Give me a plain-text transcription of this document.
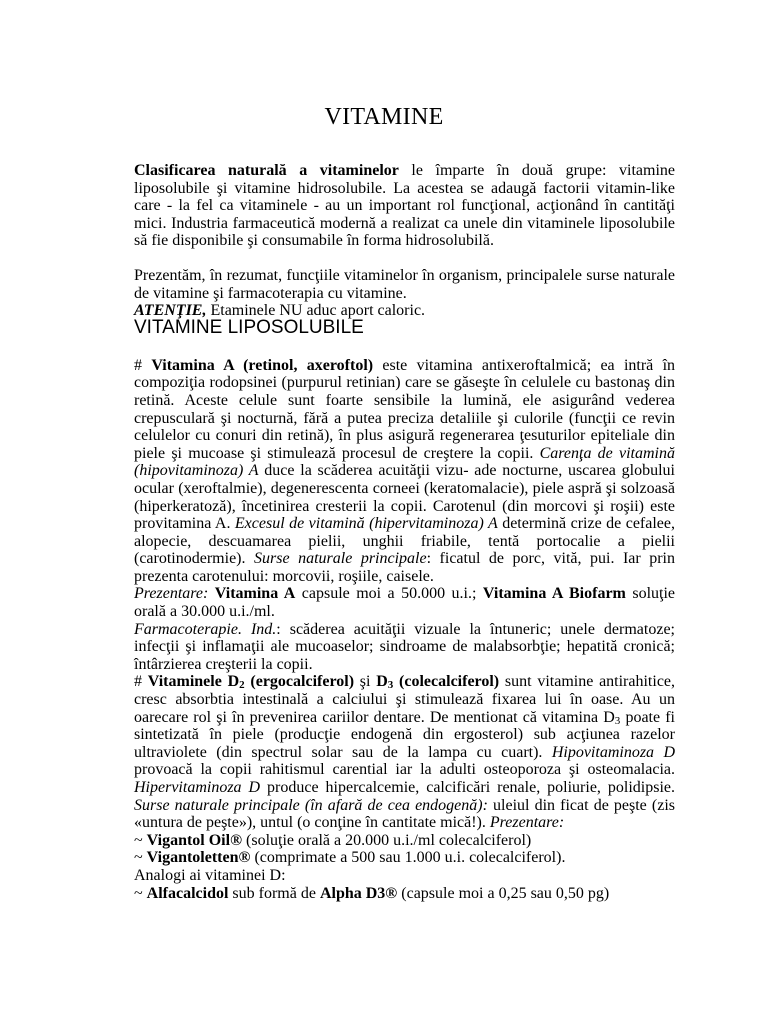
VITAMINE

Clasificarea naturală a vitaminelor le împarte în două grupe: vitamine liposolubile şi vitamine hidrosolubile. La acestea se adaugă factorii vitamin-like care - la fel ca vitaminele - au un important rol funcţional, acţionând în cantităţi mici. Industria farmaceutică modernă a realizat ca unele din vitaminele liposolubile să fie disponibile şi consumabile în forma hidrosolubilă.

Prezentăm, în rezumat, funcţiile vitaminelor în organism, principalele surse naturale de vitamine şi farmacoterapia cu vitamine.

ATENŢIE, Etaminele NU aduc aport caloric.

VITAMINE LIPOSOLUBILE

# Vitamina A (retinol, axeroftol) este vitamina antixeroftalmică; ea intră în compoziţia rodopsinei (purpurul retinian) care se găseşte în celulele cu bastonaş din retină. Aceste celule sunt foarte sensibile la lumină, ele asigurând vederea crepusculară şi nocturnă, fără a putea preciza detaliile şi culorile (funcţii ce revin celulelor cu conuri din retină), în plus asigură regenerarea ţesuturilor epiteliale din piele şi mucoase şi stimulează procesul de creştere la copii. Carenţa de vitamină (hipovitaminoza) A duce la scăderea acuităţii vizu- ade nocturne, uscarea globului ocular (xeroftalmie), degenerescenta corneei (keratomalacie), piele aspră şi solzoasă (hiperkeratoză), încetinirea cresterii la copii. Carotenul (din morcovi şi roşii) este provitamina A. Excesul de vitamină (hipervitaminoza) A determină crize de cefalee, alopecie, descuamarea pielii, unghii friabile, tentă portocalie a pielii (carotinodermie). Surse naturale principale: ficatul de porc, vită, pui. Iar prin prezenta carotenului: morcovii, roşiile, caisele.

Prezentare: Vitamina A capsule moi a 50.000 u.i.; Vitamina A Biofarm soluţie orală a 30.000 u.i./ml.

Farmacoterapie. Ind.: scăderea acuităţii vizuale la întuneric; unele dermatoze; infecţii şi inflamaţii ale mucoaselor; sindroame de malabsorbţie; hepatită cronică; întârzierea creşterii la copii.

# Vitaminele $D_2$ (ergocalciferol) şi $D_3$ (colecalciferol) sunt vitamine antirahitice, cresc absorbtia intestinală a calciului şi stimulează fixarea lui în oase. Au un oarecare rol şi în prevenirea cariilor dentare. De mentionat că vitamina $D_3$ poate fi sintetizată în piele (producţie endogenă din ergosterol) sub acţiunea razelor ultraviolete (din spectrul solar sau de la lampa cu cuart). Hipovitaminoza D provoacă la copii rahitismul carential iar la adulti osteoporoza şi osteomalacia. Hipervitaminoza D produce hipercalcemie, calcificări renale, poliurie, polidipsie. Surse naturale principale (în afară de cea endogenă): uleiul din ficat de peşte (zis «untura de peşte»), untul (o conţine în cantitate mică!). Prezentare:

~ Vigantol Oil® (soluţie orală a 20.000 u.i./ml colecalciferol)

~ Vigantoletten® (comprimate a 500 sau 1.000 u.i. colecalciferol).

Analogi ai vitaminei D:

~ Alfacalcidol sub formă de Alpha D3® (capsule moi a 0,25 sau 0,50 pg)
